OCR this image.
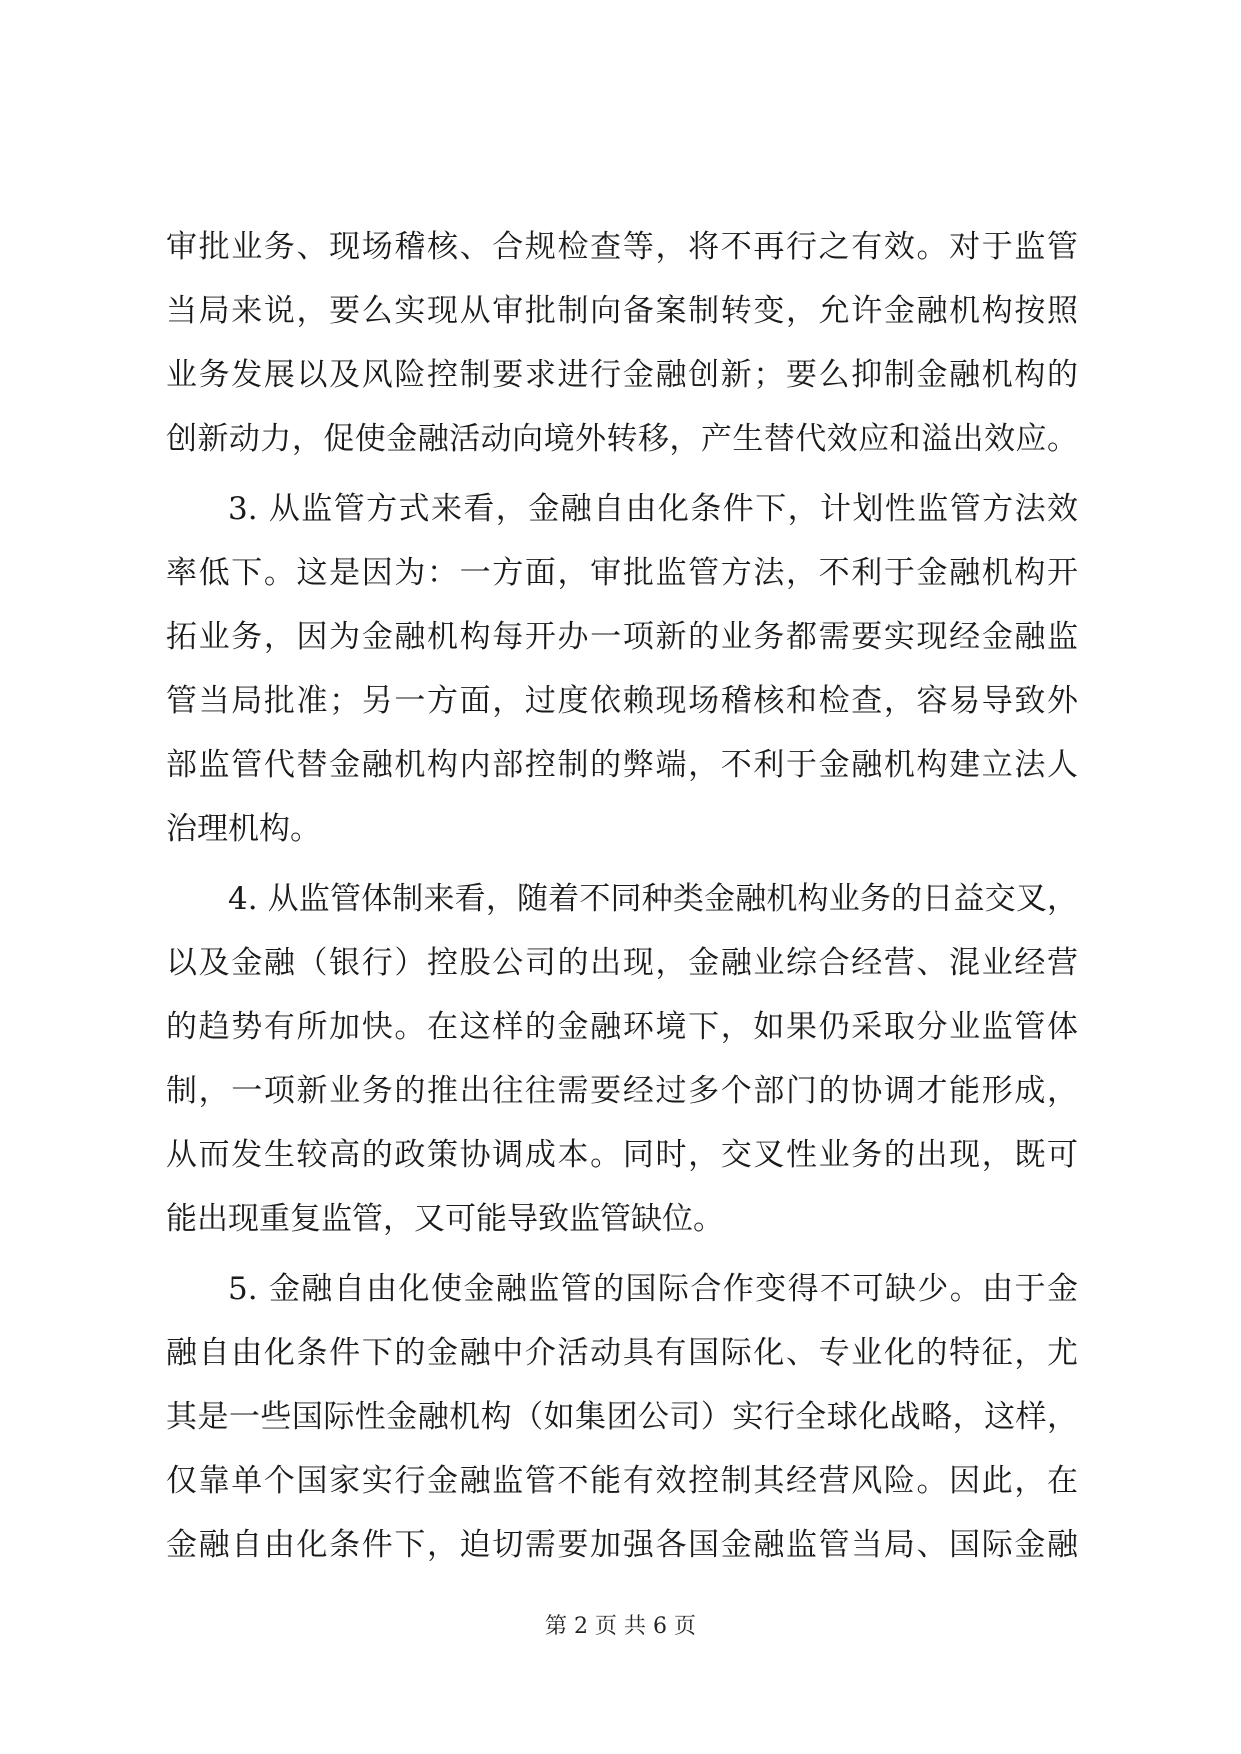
审批业务、现场稽核、合规检查等，将不再行之有效。对于监管
当局来说，要么实现从审批制向备案制转变，允许金融机构按照
业务发展以及风险控制要求进行金融创新；要么抑制金融机构的
创新动力，促使金融活动向境外转移，产生替代效应和溢出效应。
3. 从监管方式来看，金融自由化条件下，计划性监管方法效
率低下。这是因为：一方面，审批监管方法，不利于金融机构开
拓业务，因为金融机构每开办一项新的业务都需要实现经金融监
管当局批准；另一方面，过度依赖现场稽核和检查，容易导致外
部监管代替金融机构内部控制的弊端，不利于金融机构建立法人
治理机构。
4. 从监管体制来看，随着不同种类金融机构业务的日益交叉，
以及金融（银行）控股公司的出现，金融业综合经营、混业经营
的趋势有所加快。在这样的金融环境下，如果仍采取分业监管体
制，一项新业务的推出往往需要经过多个部门的协调才能形成，
从而发生较高的政策协调成本。同时，交叉性业务的出现，既可
能出现重复监管，又可能导致监管缺位。
5. 金融自由化使金融监管的国际合作变得不可缺少。由于金
融自由化条件下的金融中介活动具有国际化、专业化的特征，尤
其是一些国际性金融机构（如集团公司）实行全球化战略，这样，
仅靠单个国家实行金融监管不能有效控制其经营风险。因此，在
金融自由化条件下，迫切需要加强各国金融监管当局、国际金融
第 2 页 共 6 页
